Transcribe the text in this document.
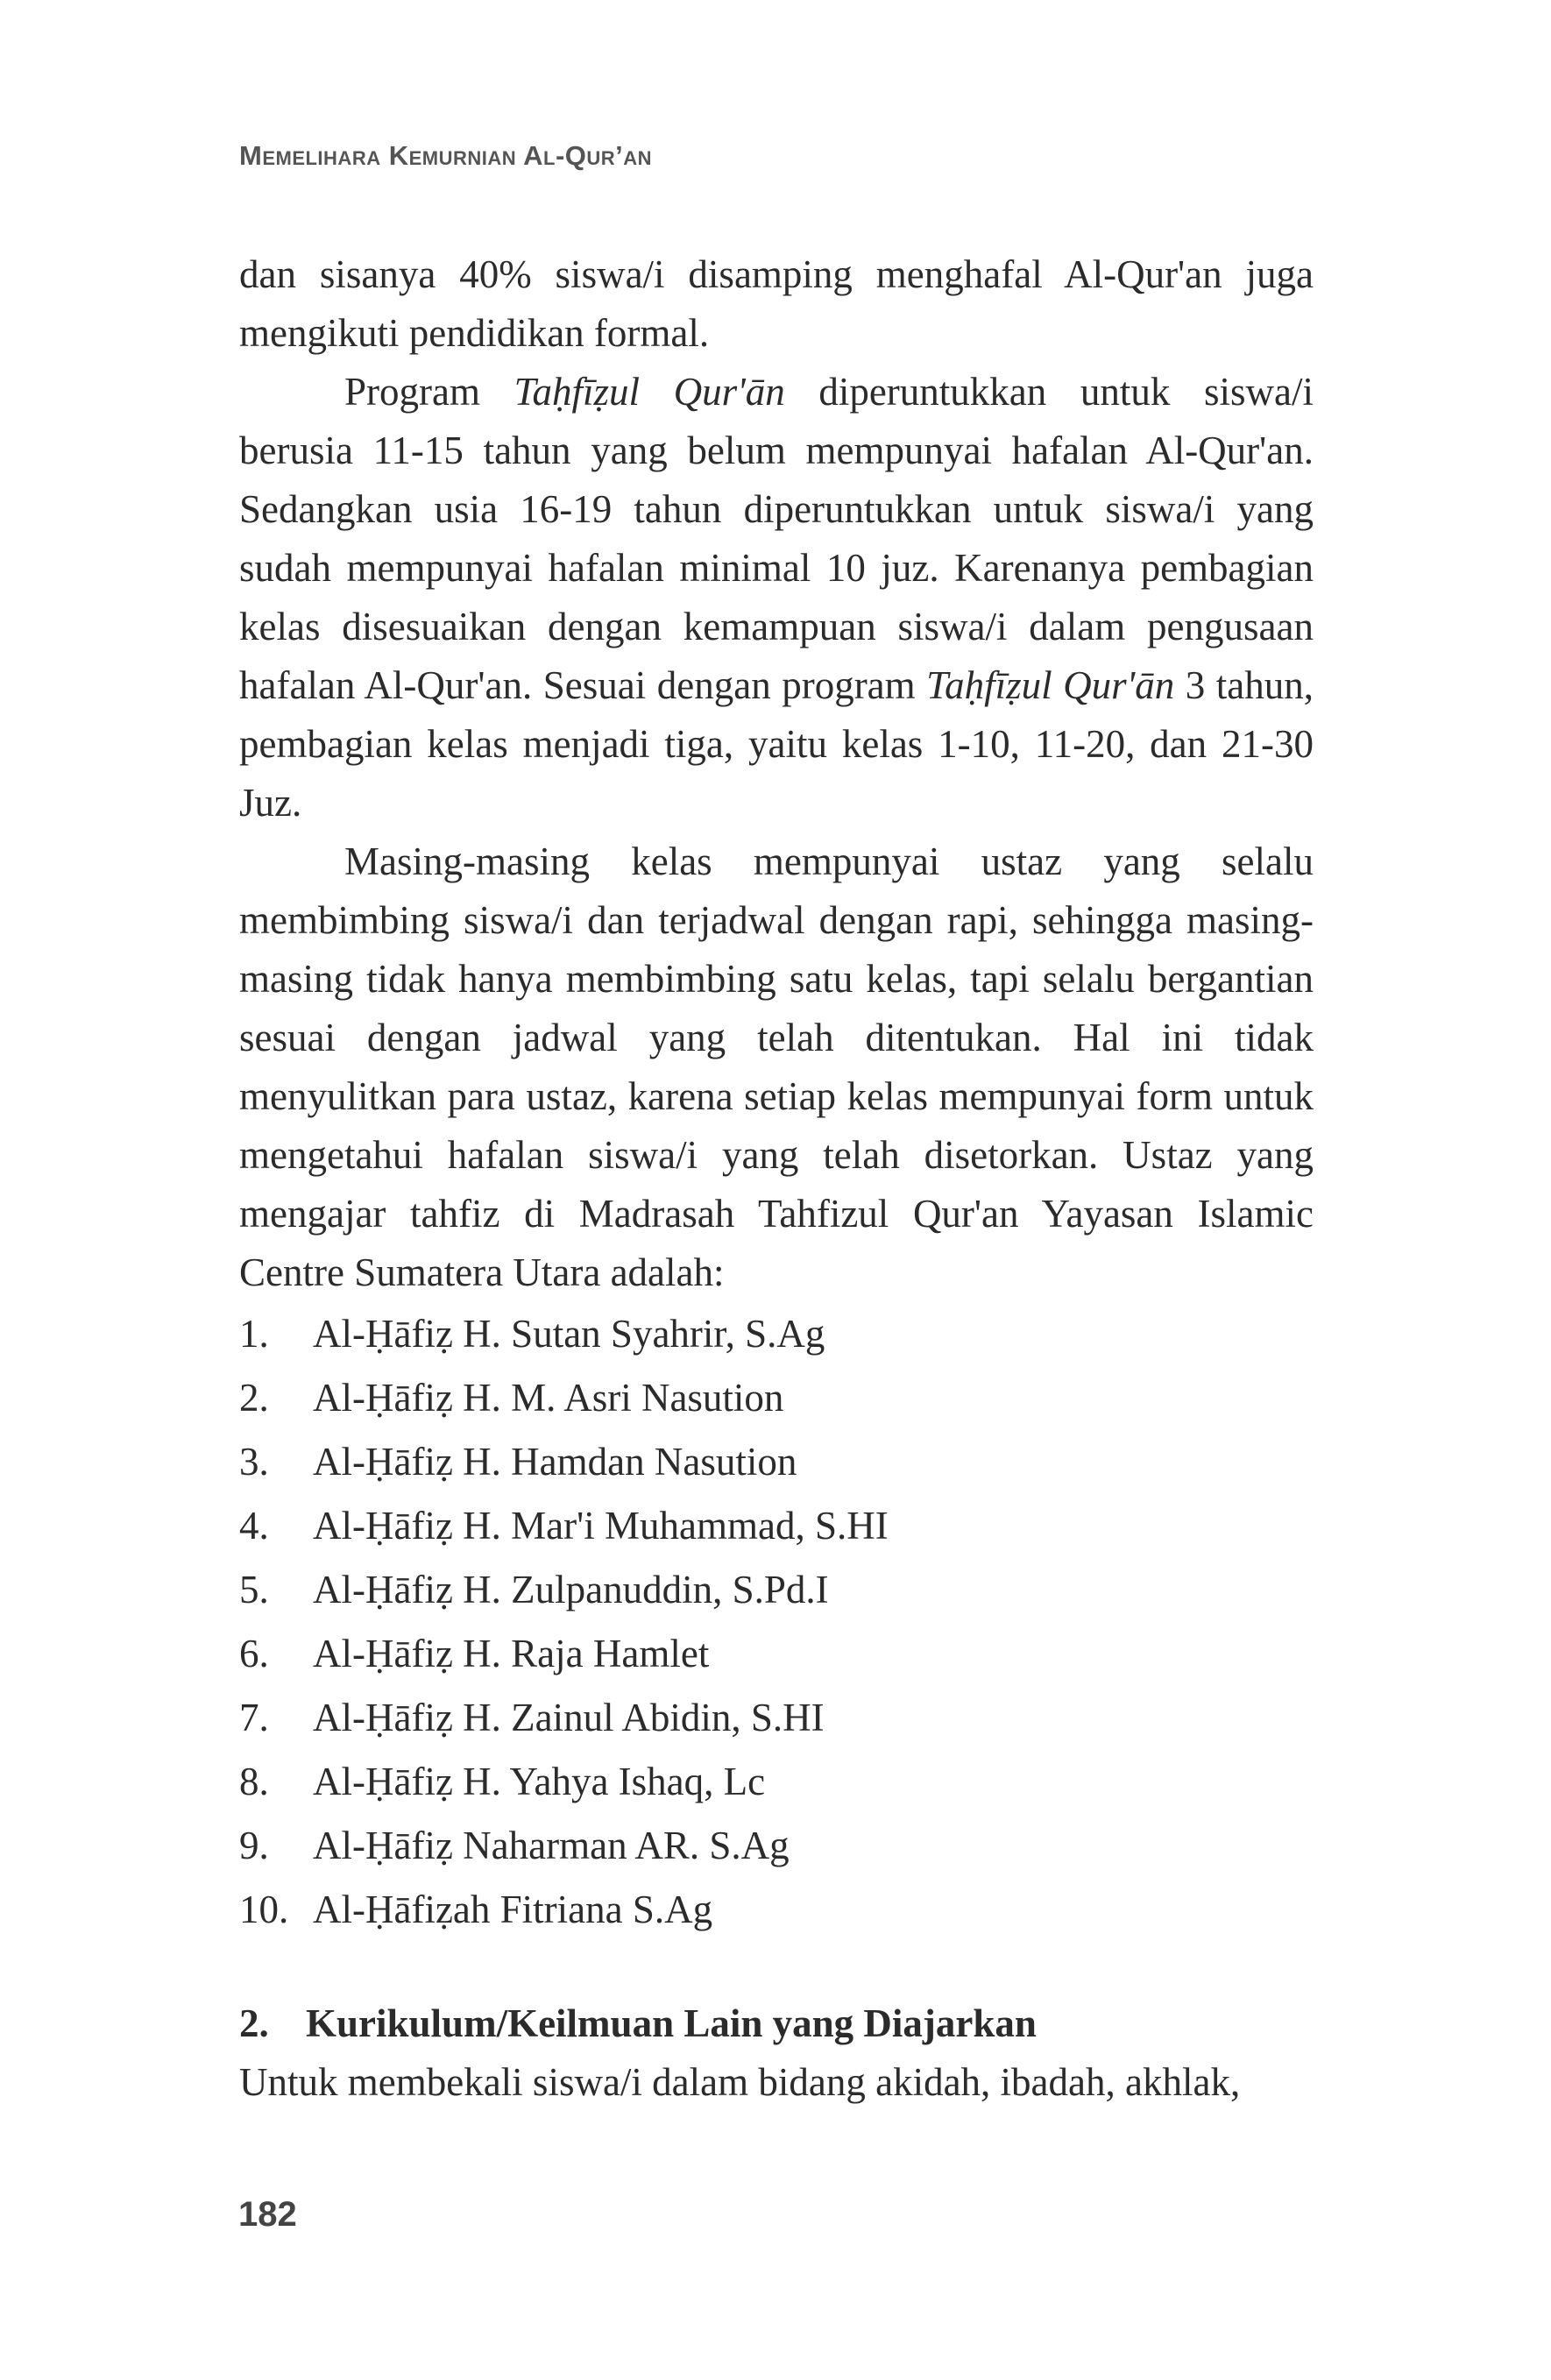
Memelihara Kemurnian Al-Qur’an

dan sisanya 40% siswa/i disamping menghafal Al-Qur'an juga mengikuti pendidikan formal.

Program Taḥfīẓul Qur'ān diperuntukkan untuk siswa/i berusia 11-15 tahun yang belum mempunyai hafalan Al-Qur'an. Sedangkan usia 16-19 tahun diperuntukkan untuk siswa/i yang sudah mempunyai hafalan minimal 10 juz. Karenanya pembagian kelas disesuaikan dengan kemampuan siswa/i dalam pengusaan hafalan Al-Qur'an. Sesuai dengan program Taḥfīẓul Qur'ān 3 tahun, pembagian kelas menjadi tiga, yaitu kelas 1-10, 11-20, dan 21-30 Juz.

Masing-masing kelas mempunyai ustaz yang selalu membimbing siswa/i dan terjadwal dengan rapi, sehingga masing-masing tidak hanya membimbing satu kelas, tapi selalu bergantian sesuai dengan jadwal yang telah ditentukan. Hal ini tidak menyulitkan para ustaz, karena setiap kelas mempunyai form untuk mengetahui hafalan siswa/i yang telah disetorkan. Ustaz yang mengajar tahfiz di Madrasah Tahfizul Qur'an Yayasan Islamic Centre Sumatera Utara adalah:

1.	Al-Ḥāfiẓ H. Sutan Syahrir, S.Ag
2.	Al-Ḥāfiẓ H. M. Asri Nasution
3.	Al-Ḥāfiẓ H. Hamdan Nasution
4.	Al-Ḥāfiẓ H. Mar'i Muhammad, S.HI
5.	Al-Ḥāfiẓ H. Zulpanuddin, S.Pd.I
6.	Al-Ḥāfiẓ H. Raja Hamlet
7.	Al-Ḥāfiẓ H. Zainul Abidin, S.HI
8.	Al-Ḥāfiẓ H. Yahya Ishaq, Lc
9.	Al-Ḥāfiẓ Naharman AR. S.Ag
10. Al-Ḥāfiẓah Fitriana S.Ag
2. Kurikulum/Keilmuan Lain yang Diajarkan

Untuk membekali siswa/i dalam bidang akidah, ibadah, akhlak,

182
